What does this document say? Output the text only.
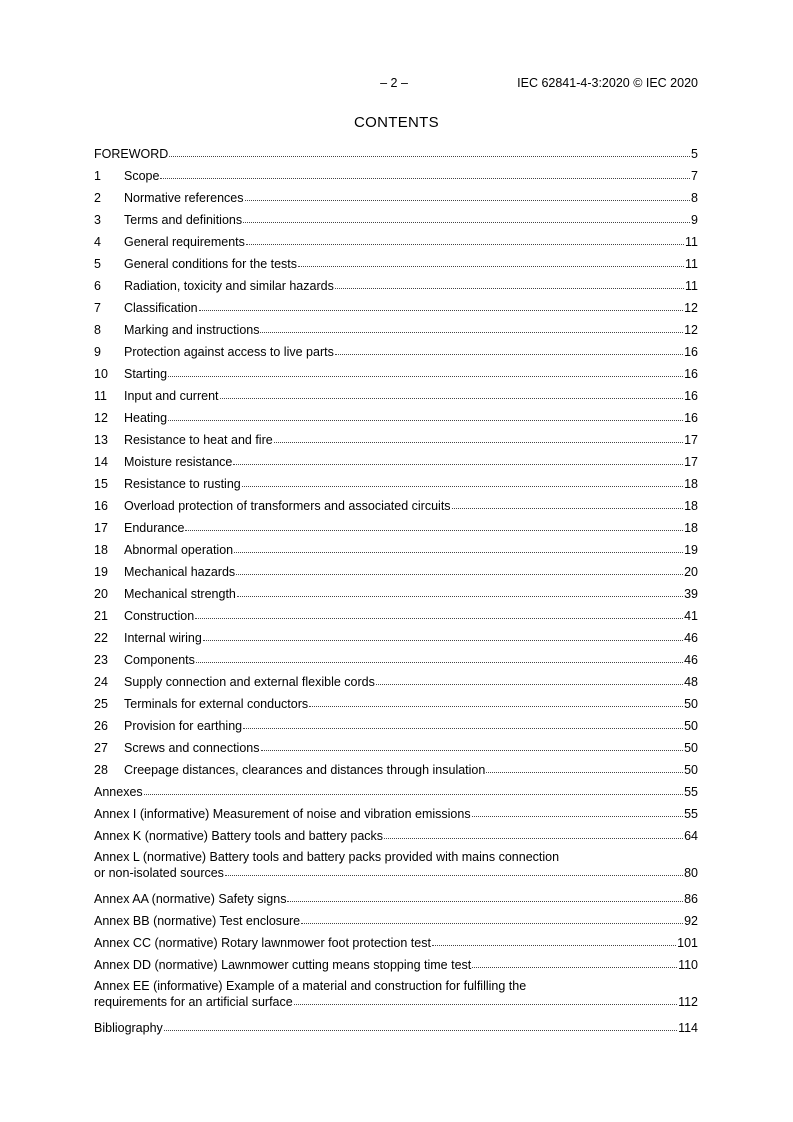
– 2 –	IEC 62841-4-3:2020 © IEC 2020
CONTENTS
FOREWORD	5
1	Scope	7
2	Normative references	8
3	Terms and definitions	9
4	General requirements	11
5	General conditions for the tests	11
6	Radiation, toxicity and similar hazards	11
7	Classification	12
8	Marking and instructions	12
9	Protection against access to live parts	16
10	Starting	16
11	Input and current	16
12	Heating	16
13	Resistance to heat and fire	17
14	Moisture resistance	17
15	Resistance to rusting	18
16	Overload protection of transformers and associated circuits	18
17	Endurance	18
18	Abnormal operation	19
19	Mechanical hazards	20
20	Mechanical strength	39
21	Construction	41
22	Internal wiring	46
23	Components	46
24	Supply connection and external flexible cords	48
25	Terminals for external conductors	50
26	Provision for earthing	50
27	Screws and connections	50
28	Creepage distances, clearances and distances through insulation	50
Annexes	55
Annex I (informative) Measurement of noise and vibration emissions	55
Annex K (normative) Battery tools and battery packs	64
Annex L (normative) Battery tools and battery packs provided with mains connection
or non-isolated sources	80
Annex AA (normative) Safety signs	86
Annex BB (normative) Test enclosure	92
Annex CC (normative) Rotary lawnmower foot protection test	101
Annex DD (normative) Lawnmower cutting means stopping time test	110
Annex EE (informative) Example of a material and construction for fulfilling the
requirements for an artificial surface	112
Bibliography	114
